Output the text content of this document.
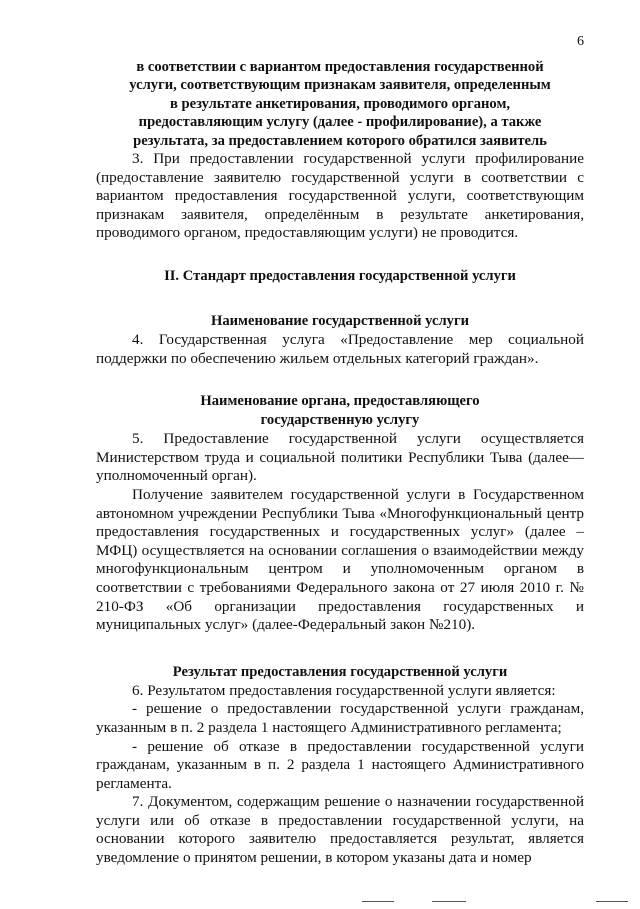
6
в соответствии с вариантом предоставления государственной
услуги, соответствующим признакам заявителя, определенным
в результате анкетирования, проводимого органом,
предоставляющим услугу (далее - профилирование), а также
результата, за предоставлением которого обратился заявитель

3. При предоставлении государственной услуги профилирование (предоставление заявителю государственной услуги в соответствии с вариантом предоставления государственной услуги, соответствующим признакам заявителя, определённым в результате анкетирования, проводимого органом, предоставляющим услуги) не проводится.

II. Стандарт предоставления государственной услуги
Наименование государственной услуги

4. Государственная услуга «Предоставление мер социальной поддержки по обеспечению жильем отдельных категорий граждан».

Наименование органа, предоставляющего
государственную услугу

5. Предоставление государственной услуги осуществляется Министерством труда и социальной политики Республики Тыва (далее— уполномоченный орган).

Получение заявителем государственной услуги в Государственном автономном учреждении Республики Тыва «Многофункциональный центр предоставления государственных и государственных услуг» (далее – МФЦ) осуществляется на основании соглашения о взаимодействии между многофункциональным центром и уполномоченным органом в соответствии с требованиями Федерального закона от 27 июля 2010 г. № 210-ФЗ «Об организации предоставления государственных и муниципальных услуг» (далее-Федеральный закон №210).

Результат предоставления государственной услуги

6. Результатом предоставления государственной услуги является:

- решение о предоставлении государственной услуги гражданам, указанным в п. 2 раздела 1 настоящего Административного регламента;

- решение об отказе в предоставлении государственной услуги гражданам, указанным в п. 2 раздела 1 настоящего Административного регламента.

7. Документом, содержащим решение о назначении государственной услуги или об отказе в предоставлении государственной услуги, на основании которого заявителю предоставляется результат, является уведомление о принятом решении, в котором указаны дата и номер
